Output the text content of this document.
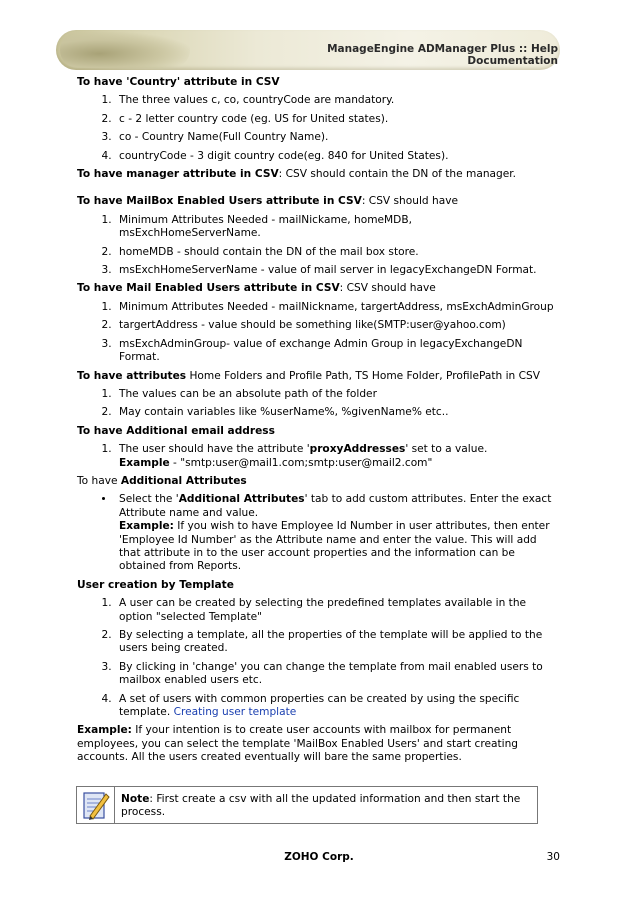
ManageEngine ADManager Plus :: Help Documentation
To have 'Country' attribute in CSV
1. The three values c, co, countryCode are mandatory.
2. c - 2 letter country code (eg. US for United states).
3. co - Country Name(Full Country Name).
4. countryCode - 3 digit country code(eg. 840 for United States).
To have manager attribute in CSV: CSV should contain the DN of the manager.
To have MailBox Enabled Users attribute in CSV: CSV should have
1. Minimum Attributes Needed - mailNickame, homeMDB, msExchHomeServerName.
2. homeMDB - should contain the DN of the mail box store.
3. msExchHomeServerName - value of mail server in legacyExchangeDN Format.
To have Mail Enabled Users attribute in CSV: CSV should have
1. Minimum Attributes Needed - mailNickname, targertAddress, msExchAdminGroup
2. targertAddress - value should be something like(SMTP:user@yahoo.com)
3. msExchAdminGroup- value of exchange Admin Group in legacyExchangeDN Format.
To have attributes Home Folders and Profile Path, TS Home Folder, ProfilePath in CSV
1. The values can be an absolute path of the folder
2. May contain variables like %userName%, %givenName% etc..
To have Additional email address
1. The user should have the attribute 'proxyAddresses' set to a value.
Example - "smtp:user@mail1.com;smtp:user@mail2.com"
To have Additional Attributes
• Select the 'Additional Attributes' tab to add custom attributes. Enter the exact Attribute name and value.
Example: If you wish to have Employee Id Number in user attributes, then enter 'Employee Id Number' as the Attribute name and enter the value. This will add that attribute in to the user account properties and the information can be obtained from Reports.
User creation by Template
1. A user can be created by selecting the predefined templates available in the option "selected Template"
2. By selecting a template, all the properties of the template will be applied to the users being created.
3. By clicking in 'change' you can change the template from mail enabled users to mailbox enabled users etc.
4. A set of users with common properties can be created by using the specific template. Creating user template
Example: If your intention is to create user accounts with mailbox for permanent employees, you can select the template 'MailBox Enabled Users' and start creating accounts. All the users created eventually will bare the same properties.
Note: First create a csv with all the updated information and then start the process.
ZOHO Corp.	30
